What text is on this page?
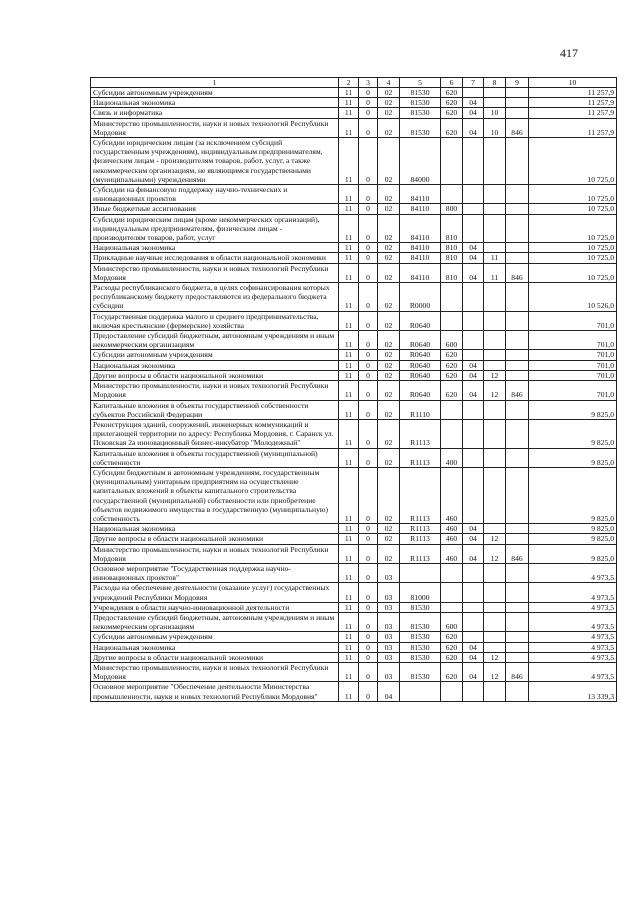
417
1	2	3	4	5	6	7	8	9	10
Субсидии автономным учреждениям	11	0	02	81530	620				11 257,9
Национальная экономика	11	0	02	81530	620	04			11 257,9
Связь и информатика	11	0	02	81530	620	04	10		11 257,9
Министерство промышленности, науки и новых технологий Республики Мордовия	11	0	02	81530	620	04	10	846	11 257,9
Субсидии юридическим лицам (за исключением субсидий государственным учреждениям), индивидуальным предпринимателям, физическим лицам - производителям товаров, работ, услуг, а также некоммерческим организациям, не являющимся государственными (муниципальными) учреждениями	11	0	02	84000					10 725,0
Субсидии на финансовую поддержку научно-технических и инновационных проектов	11	0	02	84110					10 725,0
Иные бюджетные ассигнования	11	0	02	84110	800				10 725,0
Субсидии юридическим лицам (кроме некоммерческих организаций), индивидуальным предпринимателям, физическим лицам - производителям товаров, работ, услуг	11	0	02	84110	810				10 725,0
Национальная экономика	11	0	02	84110	810	04			10 725,0
Прикладные научные исследования в области национальной экономики	11	0	02	84110	810	04	11		10 725,0
Министерство промышленности, науки и новых технологий Республики Мордовия	11	0	02	84110	810	04	11	846	10 725,0
Расходы республиканского бюджета, в целях софинансирования которых республиканскому бюджету предоставляются из федерального бюджета субсидии	11	0	02	R0000					10 526,0
Государственная поддержка малого и среднего предпринимательства, включая крестьянские (фермерские) хозяйства	11	0	02	R0640					701,0
Предоставление субсидий бюджетным, автономным учреждениям и иным некоммерческим организациям	11	0	02	R0640	600				701,0
Субсидии автономным учреждениям	11	0	02	R0640	620				701,0
Национальная экономика	11	0	02	R0640	620	04			701,0
Другие вопросы в области национальной экономики	11	0	02	R0640	620	04	12		701,0
Министерство промышленности, науки и новых технологий Республики Мордовия	11	0	02	R0640	620	04	12	846	701,0
Капитальные вложения в объекты государственной собственности субъектов Российской Федерации	11	0	02	R1110					9 825,0
Реконструкция зданий, сооружений, инженерных коммуникаций и прилегающей территории по адресу: Республика Мордовия, г. Саранск ул. Псковская 2а инновационный бизнес-инкубатор "Молодежный"	11	0	02	R1113					9 825,0
Капитальные вложения в объекты государственной (муниципальной) собственности	11	0	02	R1113	400				9 825,0
Субсидии бюджетным и автономным учреждениям, государственным (муниципальным) унитарным предприятиям на осуществление капитальных вложений в объекты капитального строительства государственной (муниципальной) собственности или приобретение объектов недвижимого имущества в государственную (муниципальную) собственность	11	0	02	R1113	460				9 825,0
Национальная экономика	11	0	02	R1113	460	04			9 825,0
Другие вопросы в области национальной экономики	11	0	02	R1113	460	04	12		9 825,0
Министерство промышленности, науки и новых технологий Республики Мордовия	11	0	02	R1113	460	04	12	846	9 825,0
Основное мероприятие "Государственная поддержка научно-инновационных проектов"	11	0	03						4 973,5
Расходы на обеспечение деятельности (оказание услуг) государственных учреждений Республики Мордовия	11	0	03	81000					4 973,5
Учреждения в области научно-инновационной деятельности	11	0	03	81530					4 973,5
Предоставление субсидий бюджетным, автономным учреждениям и иным некоммерческим организациям	11	0	03	81530	600				4 973,5
Субсидии автономным учреждениям	11	0	03	81530	620				4 973,5
Национальная экономика	11	0	03	81530	620	04			4 973,5
Другие вопросы в области национальной экономики	11	0	03	81530	620	04	12		4 973,5
Министерство промышленности, науки и новых технологий Республики Мордовия	11	0	03	81530	620	04	12	846	4 973,5
Основное мероприятие "Обеспечение деятельности Министерства промышленности, науки и новых технологий Республики Мордовия"	11	0	04						13 339,3
